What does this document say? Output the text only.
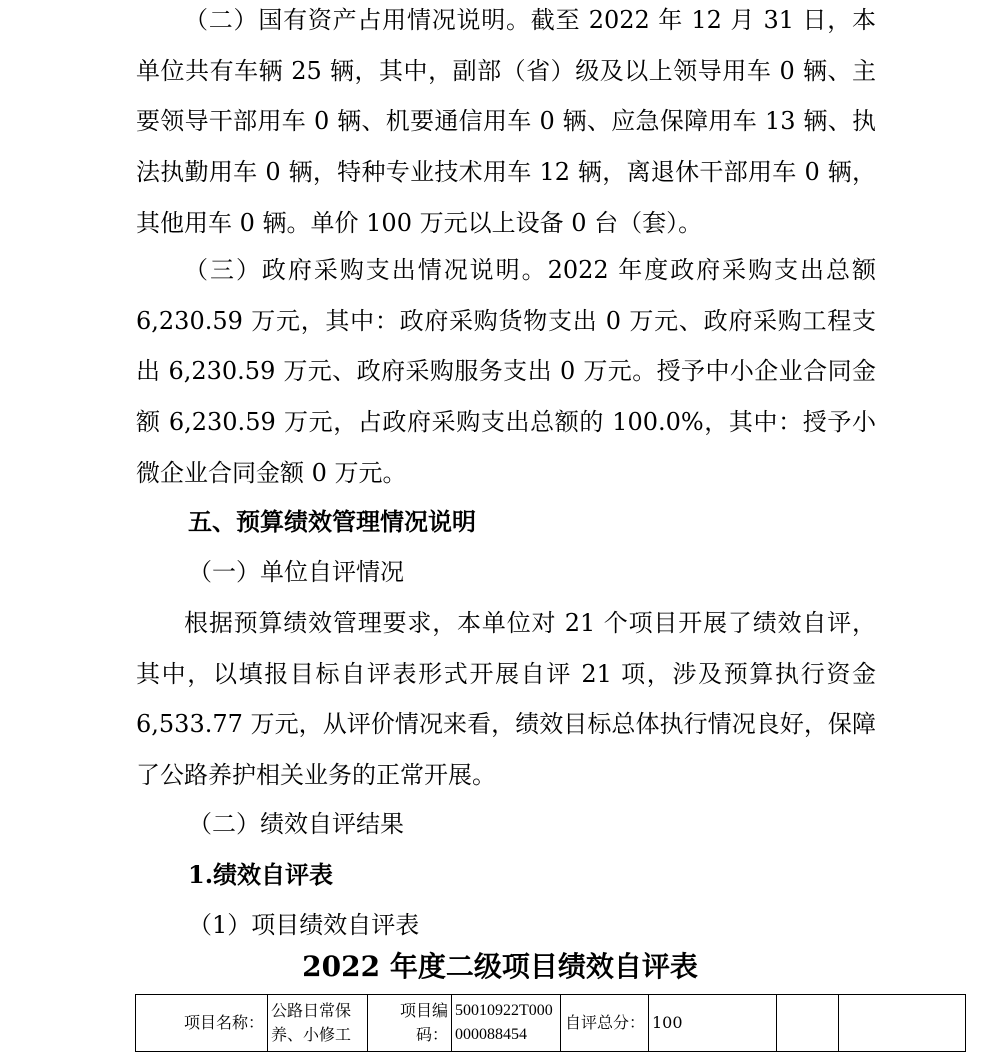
（二）国有资产占用情况说明。截至 2022 年 12 月 31 日，本单位共有车辆 25 辆，其中，副部（省）级及以上领导用车 0 辆、主要领导干部用车 0 辆、机要通信用车 0 辆、应急保障用车 13 辆、执法执勤用车 0 辆，特种专业技术用车 12 辆，离退休干部用车 0 辆，其他用车 0 辆。单价 100 万元以上设备 0 台（套）。

（三）政府采购支出情况说明。2022 年度政府采购支出总额 6,230.59 万元，其中：政府采购货物支出 0 万元、政府采购工程支出 6,230.59 万元、政府采购服务支出 0 万元。授予中小企业合同金额 6,230.59 万元，占政府采购支出总额的 100.0%，其中：授予小微企业合同金额 0 万元。

五、预算绩效管理情况说明

（一）单位自评情况

根据预算绩效管理要求，本单位对 21 个项目开展了绩效自评，其中，以填报目标自评表形式开展自评 21 项，涉及预算执行资金 6,533.77 万元，从评价情况来看，绩效目标总体执行情况良好，保障了公路养护相关业务的正常开展。

（二）绩效自评结果

1.绩效自评表

（1）项目绩效自评表

2022 年度二级项目绩效自评表
项目名称：	公路日常保养、小修工	项目编码：	50010922T000000088454	自评总分：	100		
